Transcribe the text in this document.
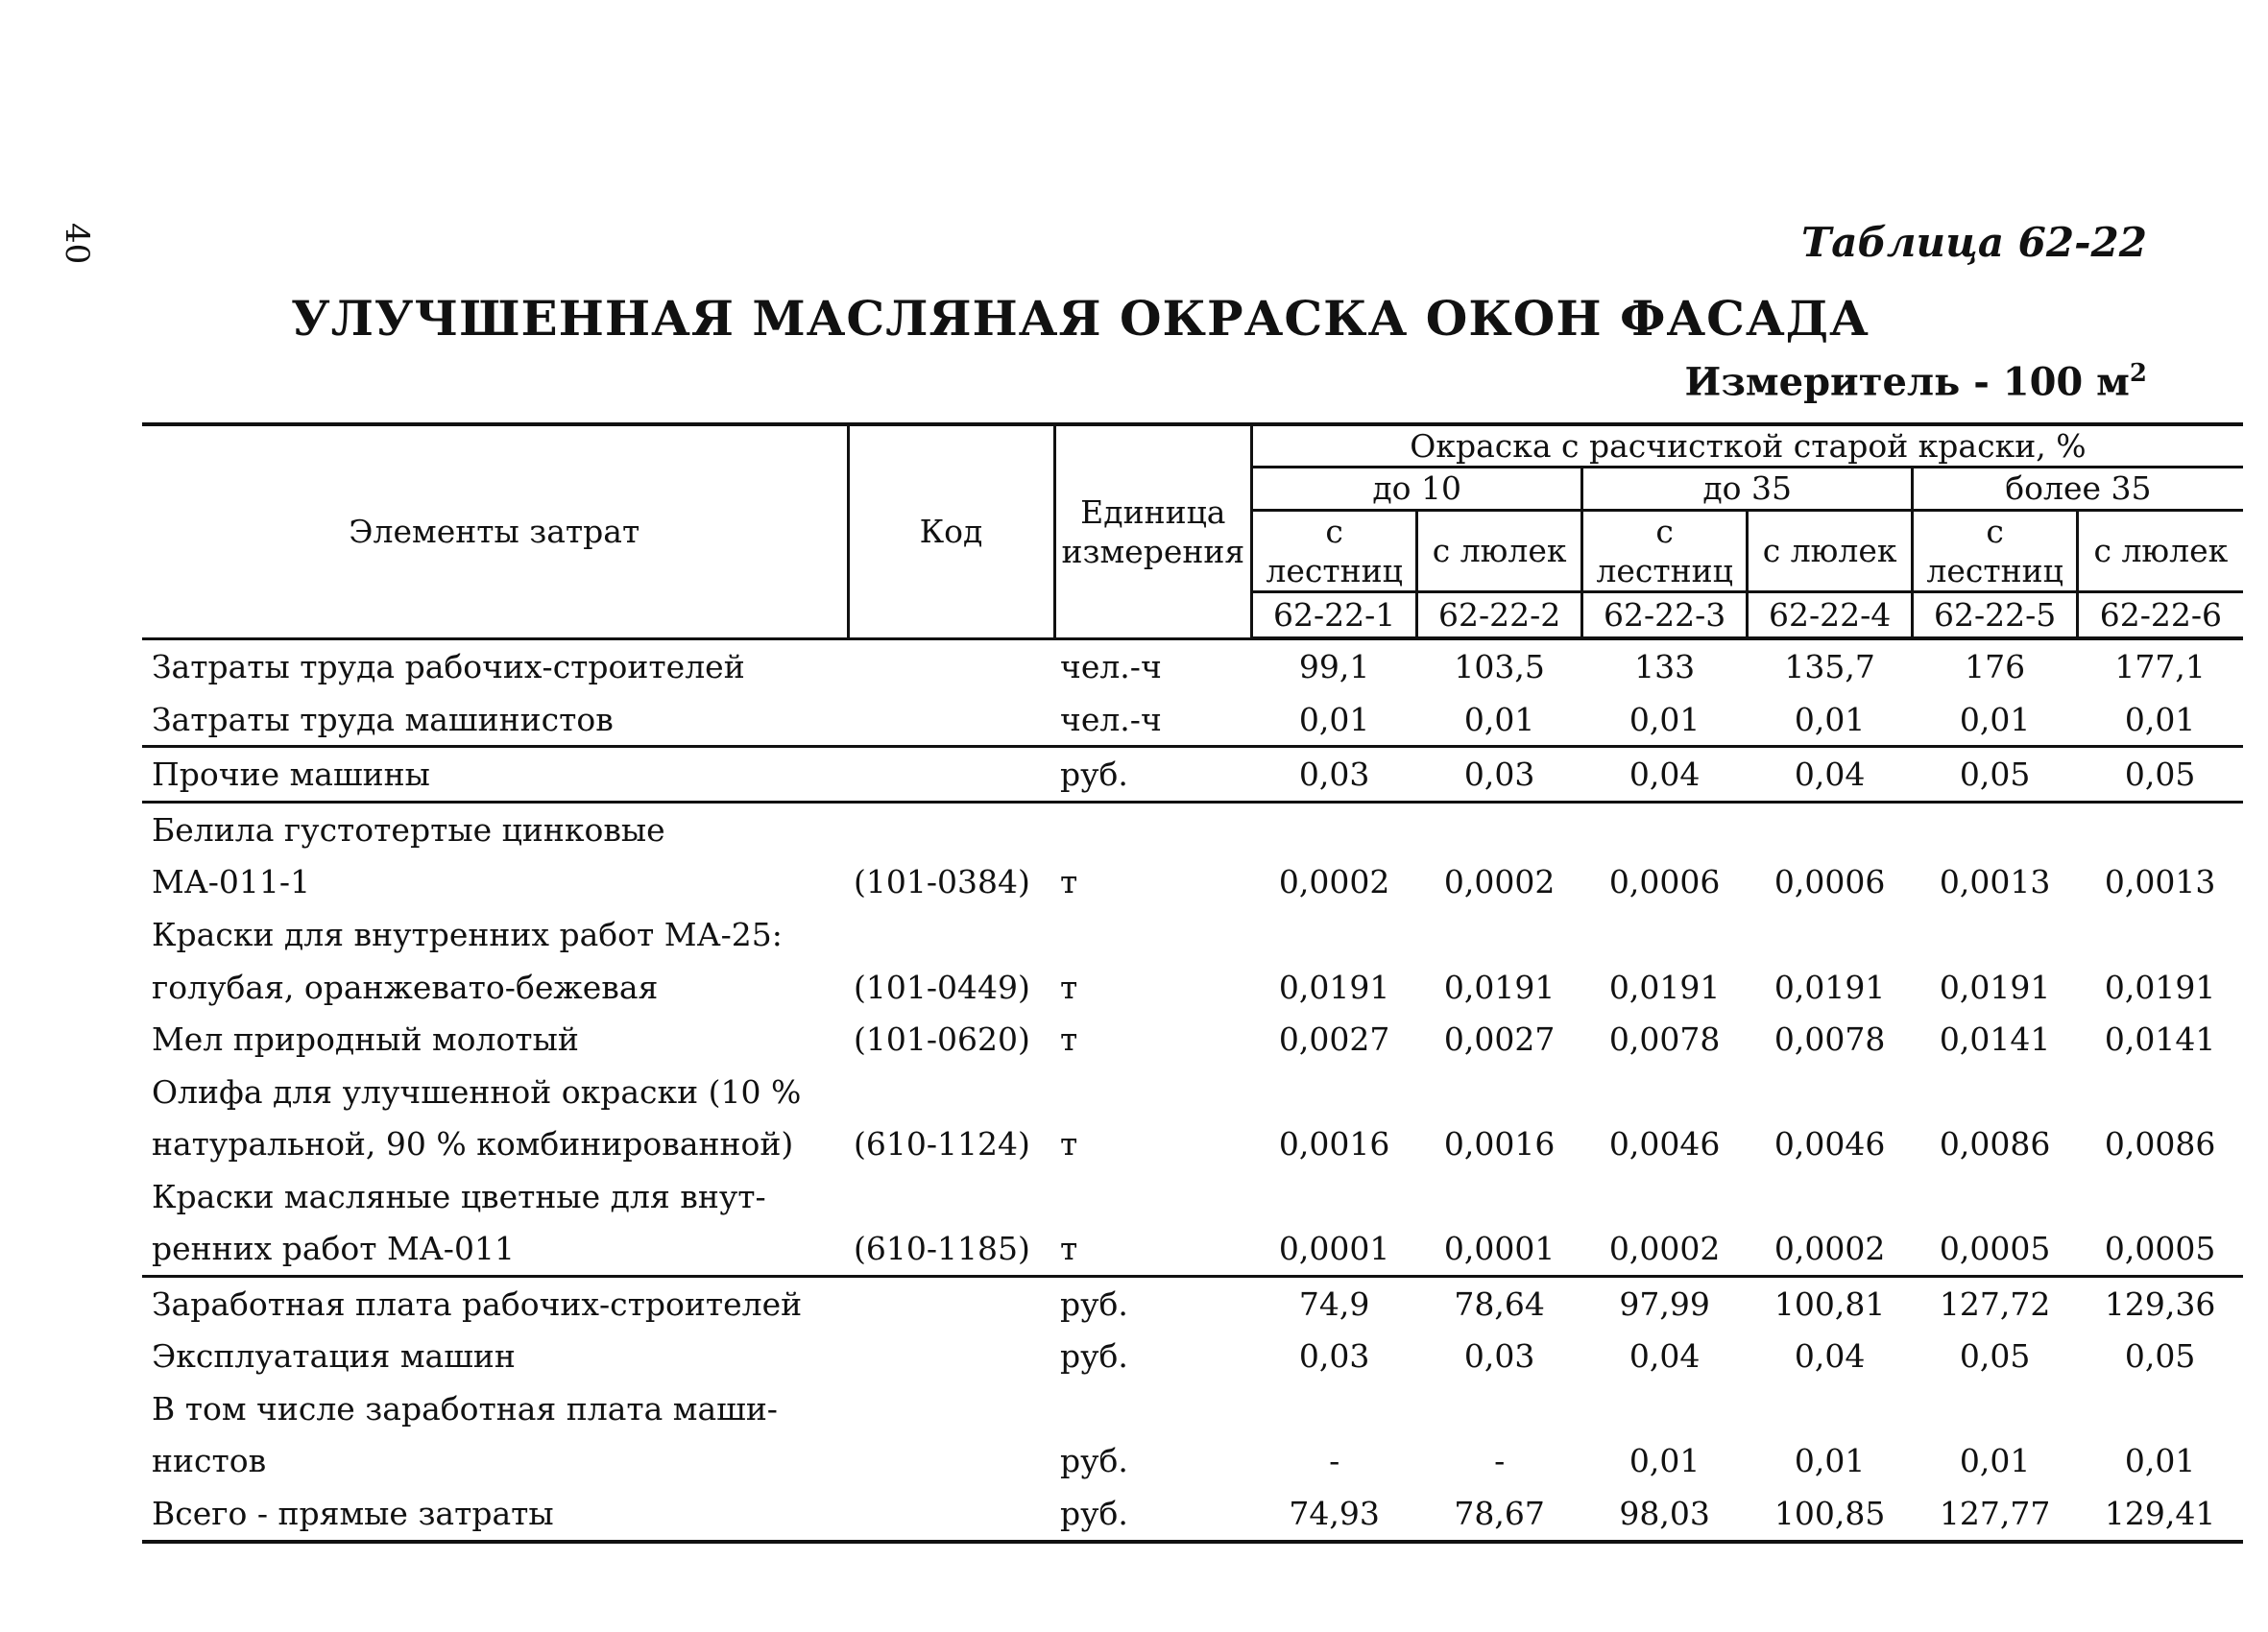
40	Таблица 62-22
УЛУЧШЕННАЯ МАСЛЯНАЯ ОКРАСКА ОКОН ФАСАДА
Измеритель - 100 $м^2$
Элементы затрат	Код	Единица измерения	Окраска с расчисткой старой краски, %					
			до 10		до 35		более 35	
			с лестниц	с люлек	с лестниц	с люлек	с лестниц	с люлек
			62-22-1	62-22-2	62-22-3	62-22-4	62-22-5	62-22-6
Затраты труда рабочих-строителей		чел.-ч	99,1	103,5	133	135,7	176	177,1
Затраты труда машинистов		чел.-ч	0,01	0,01	0,01	0,01	0,01	0,01
Прочие машины		руб.	0,03	0,03	0,04	0,04	0,05	0,05
Белила густотертые цинковые								
МА-011-1	(101-0384)	т	0,0002	0,0002	0,0006	0,0006	0,0013	0,0013
Краски для внутренних работ МА-25:								
голубая, оранжевато-бежевая	(101-0449)	т	0,0191	0,0191	0,0191	0,0191	0,0191	0,0191
Мел природный молотый	(101-0620)	т	0,0027	0,0027	0,0078	0,0078	0,0141	0,0141
Олифа для улучшенной окраски (10 %								
натуральной, 90 % комбинированной)	(610-1124)	т	0,0016	0,0016	0,0046	0,0046	0,0086	0,0086
Краски масляные цветные для внут-								
ренних работ МА-011	(610-1185)	т	0,0001	0,0001	0,0002	0,0002	0,0005	0,0005
Заработная плата рабочих-строителей		руб.	74,9	78,64	97,99	100,81	127,72	129,36
Эксплуатация машин		руб.	0,03	0,03	0,04	0,04	0,05	0,05
В том числе заработная плата маши-								
нистов		руб.	-	-	0,01	0,01	0,01	0,01
Всего - прямые затраты		руб.	74,93	78,67	98,03	100,85	127,77	129,41
